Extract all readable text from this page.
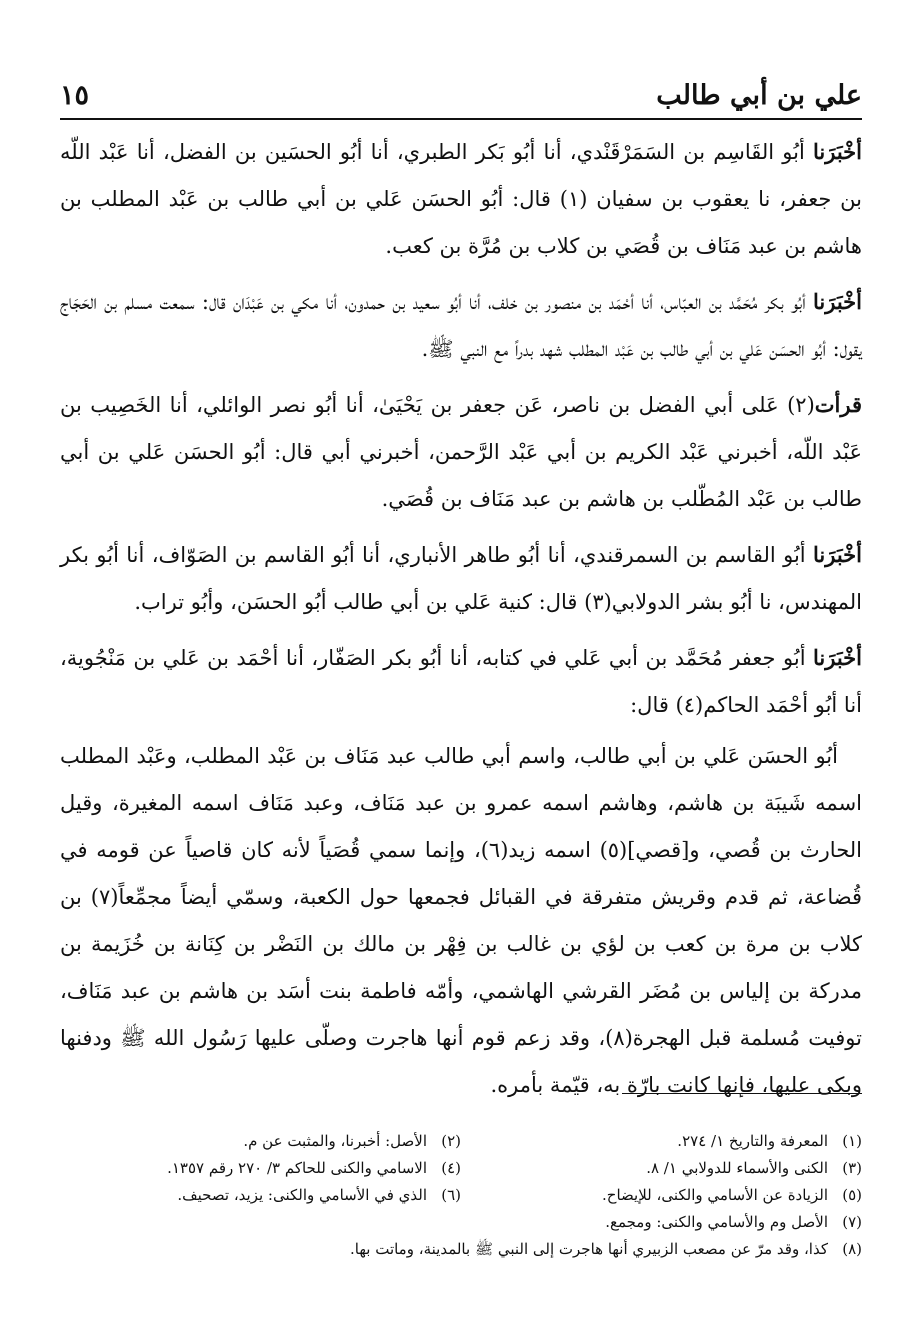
علي بن أبي طالب
١٥

أخْبَرَنا أبُو القَاسِم بن السَمَرْقَنْدي، أنا أبُو بَكر الطبري، أنا أبُو الحسَين بن الفضل، أنا عَبْد اللّه بن جعفر، نا يعقوب بن سفيان (١) قال: أبُو الحسَن عَلي بن أبي طالب بن عَبْد المطلب بن هاشم بن عبد مَنَاف بن قُصَي بن كلاب بن مُرَّة بن كعب.

أخْبَرَنا أبُو بكر مُحَمَّد بن العبّاس، أنا أحْمَد بن منصور بن خلف، أنا أبُو سعيد بن حمدون، أنا مكي بن عَبْدَان قال: سمعت مسلم بن الحَجَاج يقول: أبُو الحسَن عَلي بن أبي طالب بن عَبْد المطلب شهد بدراً مع النبي ﷺ.

قرأت(٢) عَلى أبي الفضل بن ناصر، عَن جعفر بن يَحْيَىٰ، أنا أبُو نصر الوائلي، أنا الخَصِيب بن عَبْد اللّه، أخبرني عَبْد الكريم بن أبي عَبْد الرَّحمن، أخبرني أبي قال: أبُو الحسَن عَلي بن أبي طالب بن عَبْد المُطّلب بن هاشم بن عبد مَنَاف بن قُصَي.

أخْبَرَنا أبُو القاسم بن السمرقندي، أنا أبُو طاهر الأنباري، أنا أبُو القاسم بن الصَوّاف، أنا أبُو بكر المهندس، نا أبُو بشر الدولابي(٣) قال: كنية عَلي بن أبي طالب أبُو الحسَن، وأبُو تراب.

أخْبَرَنا أبُو جعفر مُحَمَّد بن أبي عَلي في كتابه، أنا أبُو بكر الصَفّار، أنا أحْمَد بن عَلي بن مَنْجُوية، أنا أبُو أحْمَد الحاكم(٤) قال:

أبُو الحسَن عَلي بن أبي طالب، واسم أبي طالب عبد مَنَاف بن عَبْد المطلب، وعَبْد المطلب اسمه شَيبَة بن هاشم، وهاشم اسمه عمرو بن عبد مَنَاف، وعبد مَنَاف اسمه المغيرة، وقيل الحارث بن قُصي، و[قصي](٥) اسمه زيد(٦)، وإنما سمي قُصَياً لأنه كان قاصياً عن قومه في قُضاعة، ثم قدم وقريش متفرقة في القبائل فجمعها حول الكعبة، وسمّي أيضاً مجمِّعاً(٧) بن كلاب بن مرة بن كعب بن لؤي بن غالب بن فِهْر بن مالك بن النَضْر بن كِنَانة بن خُزَيمة بن مدركة بن إلياس بن مُضَر القرشي الهاشمي، وأمّه فاطمة بنت أسَد بن هاشم بن عبد مَنَاف، توفيت مُسلمة قبل الهجرة(٨)، وقد زعم قوم أنها هاجرت وصلّى عليها رَسُول الله ﷺ ودفنها وبكى عليها، فإنها كانت بارّة به، قيّمة بأمره.

(١)المعرفة والتاريخ ١/ ٢٧٤.
(٢)الأصل: أخبرنا، والمثبت عن م.
(٣)الكنى والأسماء للدولابي ١/ ٨.
(٤)الاسامي والكنى للحاكم ٣/ ٢٧٠ رقم ١٣٥٧.
(٥)الزيادة عن الأسامي والكنى، للإيضاح.
(٦)الذي في الأسامي والكنى: يزيد، تصحيف.
(٧)الأصل وم والأسامي والكنى: ومجمع.
(٨)كذا، وقد مرّ عن مصعب الزبيري أنها هاجرت إلى النبي ﷺ بالمدينة، وماتت بها.
